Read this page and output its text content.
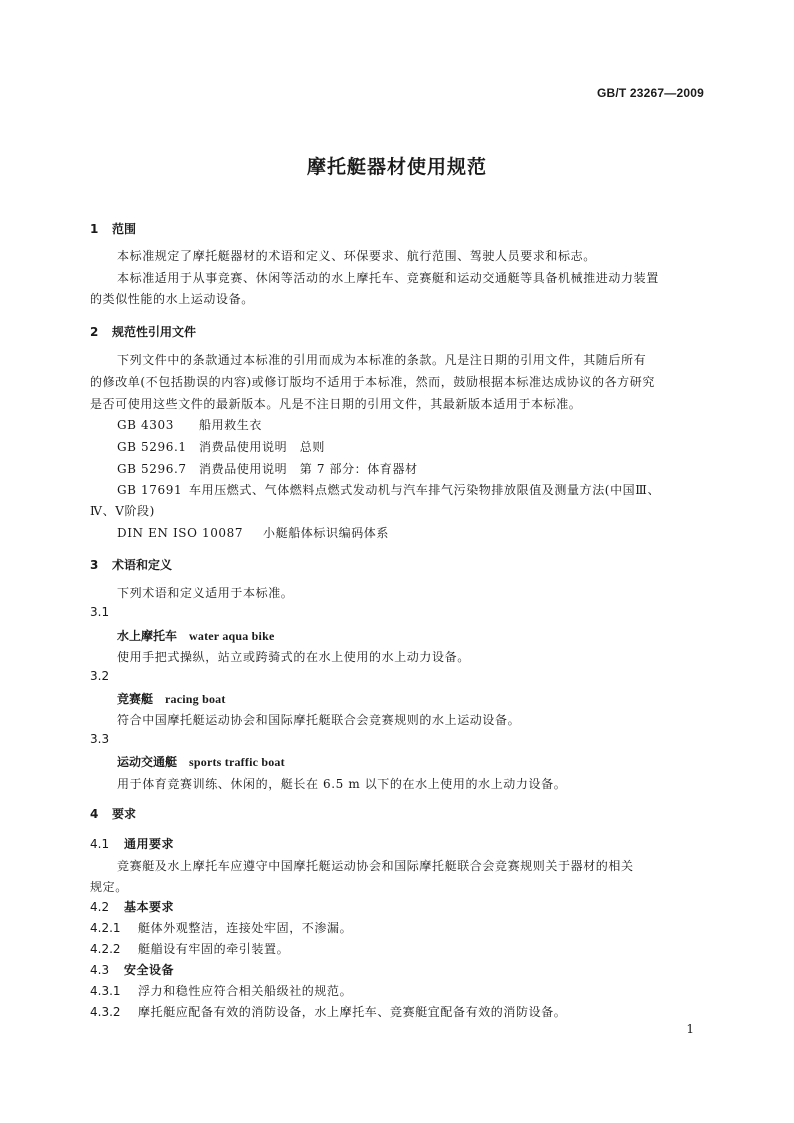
GB/T 23267—2009
摩托艇器材使用规范
1 范围
本标准规定了摩托艇器材的术语和定义、环保要求、航行范围、驾驶人员要求和标志。
本标准适用于从事竞赛、休闲等活动的水上摩托车、竞赛艇和运动交通艇等具备机械推进动力装置
的类似性能的水上运动设备。
2 规范性引用文件
下列文件中的条款通过本标准的引用而成为本标准的条款。凡是注日期的引用文件，其随后所有
的修改单(不包括勘误的内容)或修订版均不适用于本标准，然而，鼓励根据本标准达成协议的各方研究
是否可使用这些文件的最新版本。凡是不注日期的引用文件，其最新版本适用于本标准。
GB 4303 船用救生衣
GB 5296.1 消费品使用说明　总则
GB 5296.7 消费品使用说明　第 7 部分：体育器材
GB 17691 车用压燃式、气体燃料点燃式发动机与汽车排气污染物排放限值及测量方法(中国Ⅲ、
Ⅳ、Ⅴ阶段)
DIN EN ISO 10087 小艇船体标识编码体系
3 术语和定义
下列术语和定义适用于本标准。
3.1
水上摩托车 water aqua bike
使用手把式操纵，站立或跨骑式的在水上使用的水上动力设备。
3.2
竞赛艇 racing boat
符合中国摩托艇运动协会和国际摩托艇联合会竞赛规则的水上运动设备。
3.3
运动交通艇 sports traffic boat
用于体育竞赛训练、休闲的，艇长在 6.5 m 以下的在水上使用的水上动力设备。
4 要求
4.1 通用要求
竞赛艇及水上摩托车应遵守中国摩托艇运动协会和国际摩托艇联合会竞赛规则关于器材的相关
规定。
4.2 基本要求
4.2.1 艇体外观整洁，连接处牢固，不渗漏。
4.2.2 艇艏设有牢固的牵引装置。
4.3 安全设备
4.3.1 浮力和稳性应符合相关船级社的规范。
4.3.2 摩托艇应配备有效的消防设备，水上摩托车、竞赛艇宜配备有效的消防设备。
1
